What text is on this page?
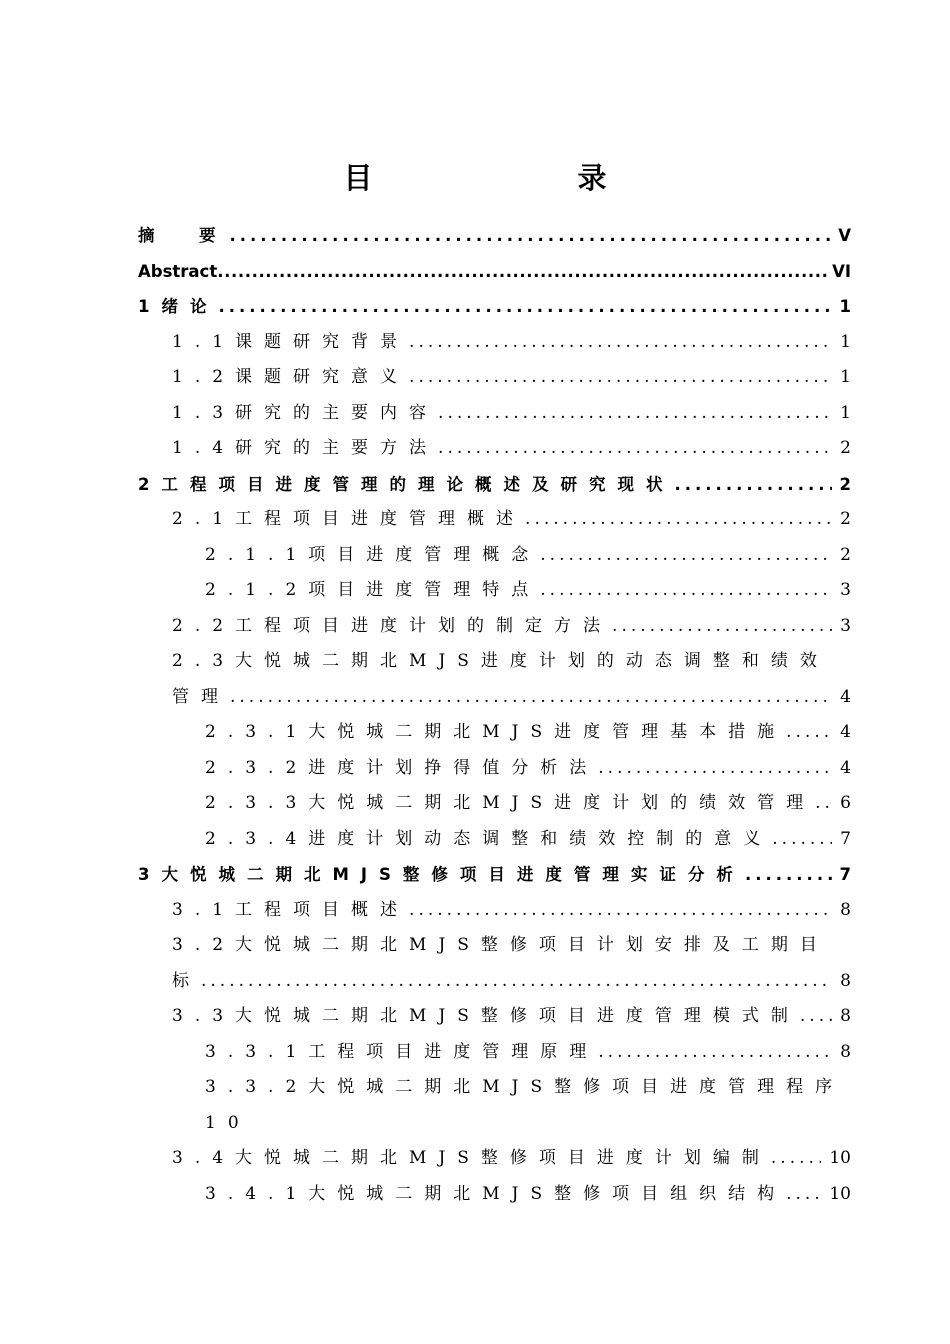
目　录
摘　要 .....	V
Abstract .....	VI
1绪论 .....	1
1.1课题研究背景 .....	1
1.2课题研究意义 .....	1
1.3研究的主要内容 .....	1
1.4研究的主要方法 .....	2
2工程项目进度管理的理论概述及研究现状 .....	2
2.1工程项目进度管理概述 .....	2
2.1.1项目进度管理概念 .....	2
2.1.2项目进度管理特点 .....	3
2.2工程项目进度计划的制定方法 .....	3
2.3大悦城二期北MJS进度计划的动态调整和绩效
管理 .....	4
2.3.1大悦城二期北MJS进度管理基本措施 .....	4
2.3.2进度计划挣得值分析法 .....	4
2.3.3大悦城二期北MJS进度计划的绩效管理 ..... 6
2.3.4进度计划动态调整和绩效控制的意义 .....	7
3大悦城二期北MJS整修项目进度管理实证分析 .....	7
3.1工程项目概述 .....	8
3.2大悦城二期北MJS整修项目计划安排及工期目
标 .....	8
3.3大悦城二期北MJS整修项目进度管理模式制 ..... 8
3.3.1工程项目进度管理原理 .....	8
3.3.2大悦城二期北MJS整修项目进度管理程序
10
3.4大悦城二期北MJS整修项目进度计划编制 .....	10
3.4.1大悦城二期北MJS整修项目组织结构 .....	10
